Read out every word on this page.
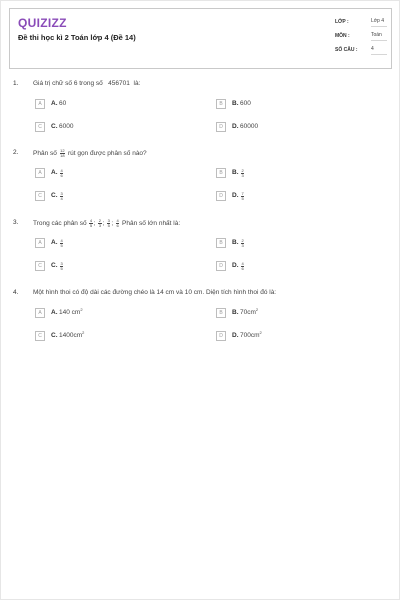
QUIZIZZ
Đề thi học kì 2 Toán lớp 4 (Đề 14)
LỚP :	Lớp 4
MÔN :	Toán
SỐ CÂU :	4
1. Giá trị chữ số 6 trong số 456701 là:
A	A. 60	B	B. 600
C	C. 6000	D	D. 60000
2. Phân số $\frac{12}{18}$ rút gọn được phân số nào?
A	A. $\frac{4}{6}$	B	B. $\frac{2}{3}$
C	C. $\frac{3}{4}$	D	D. $\frac{7}{5}$
3. Trong các phân số $\frac{4}{5}$ ; $\frac{2}{3}$ ; $\frac{3}{5}$ ; $\frac{4}{6}$ Phân số lớn nhất là:
A	A. $\frac{4}{5}$	B	B. $\frac{2}{3}$
C	C. $\frac{3}{5}$	D	D. $\frac{4}{6}$
4. Một hình thoi có độ dài các đường chéo là 14 cm và 10 cm. Diện tích hình thoi đó là:
A	A. 140 $cm^2$
B	B. $70cm^2$
C	C. $1400cm^2$
D	D. $700cm^2$
